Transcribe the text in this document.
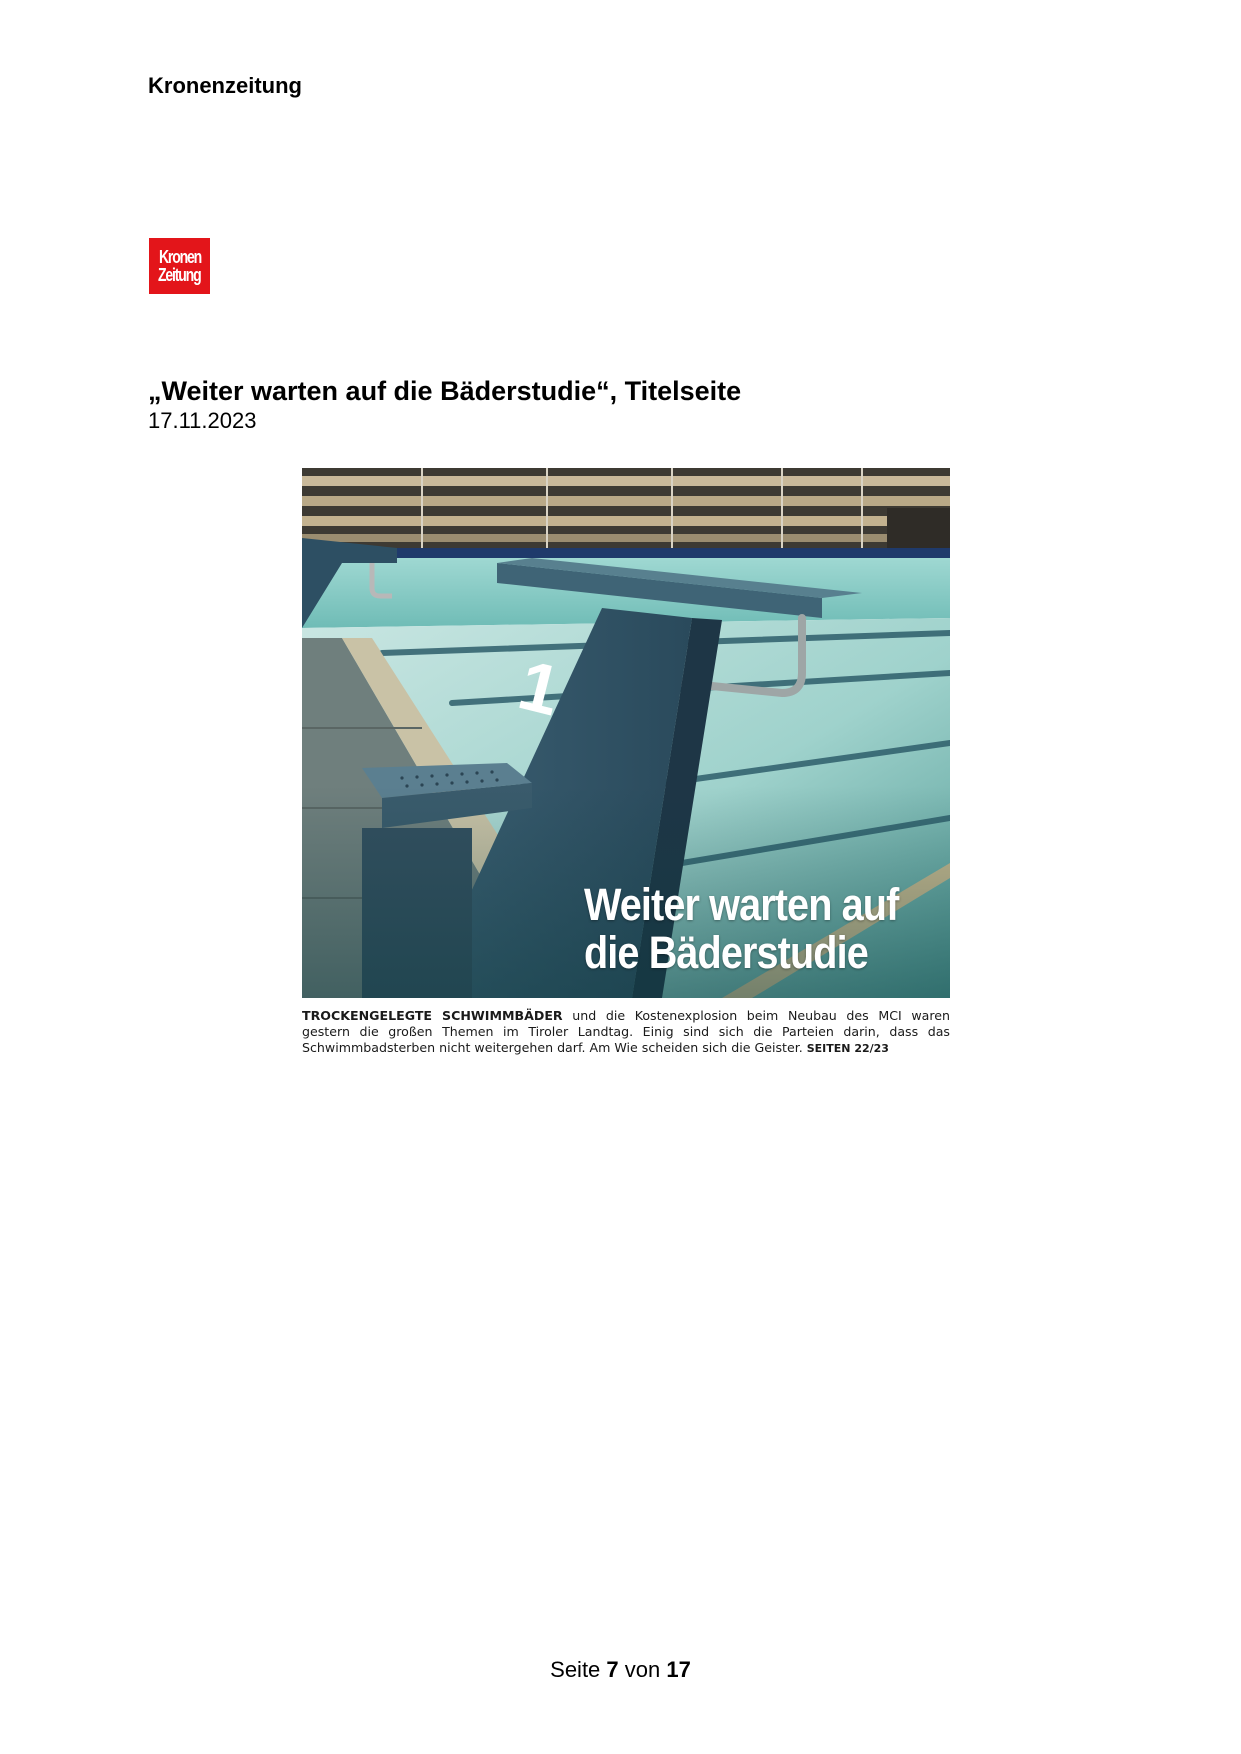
Kronenzeitung
Kronen
Zeitung
„Weiter warten auf die Bäderstudie“, Titelseite
17.11.2023
Weiter warten auf
die Bäderstudie
TROCKENGELEGTE SCHWIMMBÄDER und die Kostenexplosion beim Neubau des MCI waren gestern die großen Themen im Tiroler Landtag. Einig sind sich die Parteien darin, dass das Schwimmbadsterben nicht weitergehen darf. Am Wie scheiden sich die Geister. SEITEN 22/23
Seite 7 von 17
